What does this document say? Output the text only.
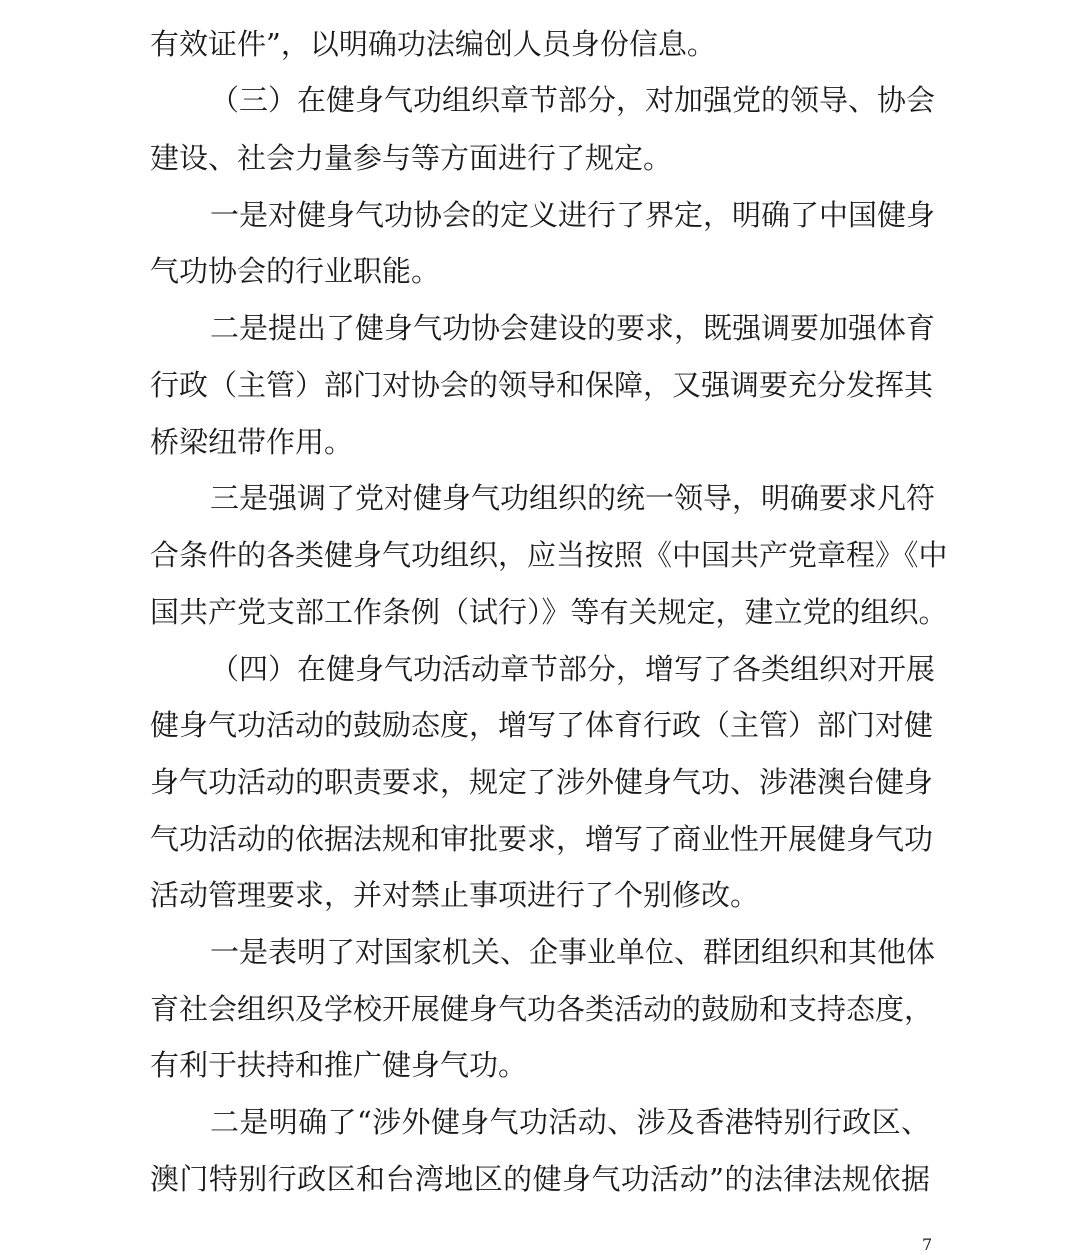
有效证件”，以明确功法编创人员身份信息。
（三）在健身气功组织章节部分，对加强党的领导、协会
建设、社会力量参与等方面进行了规定。
一是对健身气功协会的定义进行了界定，明确了中国健身
气功协会的行业职能。
二是提出了健身气功协会建设的要求，既强调要加强体育
行政（主管）部门对协会的领导和保障，又强调要充分发挥其
桥梁纽带作用。
三是强调了党对健身气功组织的统一领导，明确要求凡符
合条件的各类健身气功组织，应当按照《中国共产党章程》《中
国共产党支部工作条例（试行）》等有关规定，建立党的组织。
（四）在健身气功活动章节部分，增写了各类组织对开展
健身气功活动的鼓励态度，增写了体育行政（主管）部门对健
身气功活动的职责要求，规定了涉外健身气功、涉港澳台健身
气功活动的依据法规和审批要求，增写了商业性开展健身气功
活动管理要求，并对禁止事项进行了个别修改。
一是表明了对国家机关、企事业单位、群团组织和其他体
育社会组织及学校开展健身气功各类活动的鼓励和支持态度，
有利于扶持和推广健身气功。
二是明确了“涉外健身气功活动、涉及香港特别行政区、
澳门特别行政区和台湾地区的健身气功活动”的法律法规依据
7
